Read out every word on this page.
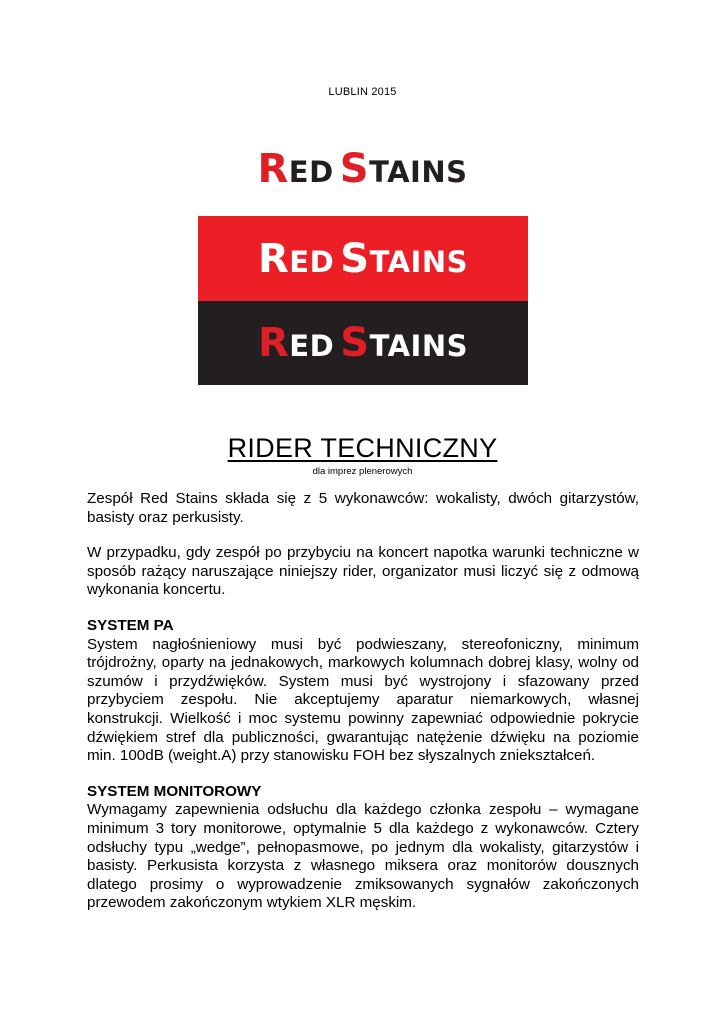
LUBLIN 2015
RED STAINS
RED STAINS
RED STAINS
RIDER TECHNICZNY
dla imprez plenerowych

Zespół Red Stains składa się z 5 wykonawców: wokalisty, dwóch gitarzystów, basisty oraz perkusisty.

W przypadku, gdy zespół po przybyciu na koncert napotka warunki techniczne w sposób rażący naruszające niniejszy rider, organizator musi liczyć się z odmową wykonania koncertu.

SYSTEM PA

System nagłośnieniowy musi być podwieszany, stereofoniczny, minimum trójdrożny, oparty na jednakowych, markowych kolumnach dobrej klasy, wolny od szumów i przydźwięków. System musi być wystrojony i sfazowany przed przybyciem zespołu. Nie akceptujemy aparatur niemarkowych, własnej konstrukcji. Wielkość i moc systemu powinny zapewniać odpowiednie pokrycie dźwiękiem stref dla publiczności, gwarantując natężenie dźwięku na poziomie min. 100dB (weight.A) przy stanowisku FOH bez słyszalnych zniekształceń.

SYSTEM MONITOROWY

Wymagamy zapewnienia odsłuchu dla każdego członka zespołu – wymagane minimum 3 tory monitorowe, optymalnie 5 dla każdego z wykonawców. Cztery odsłuchy typu „wedge”, pełnopasmowe, po jednym dla wokalisty, gitarzystów i basisty. Perkusista korzysta z własnego miksera oraz monitorów dousznych dlatego prosimy o wyprowadzenie zmiksowanych sygnałów zakończonych przewodem zakończonym wtykiem XLR męskim.
